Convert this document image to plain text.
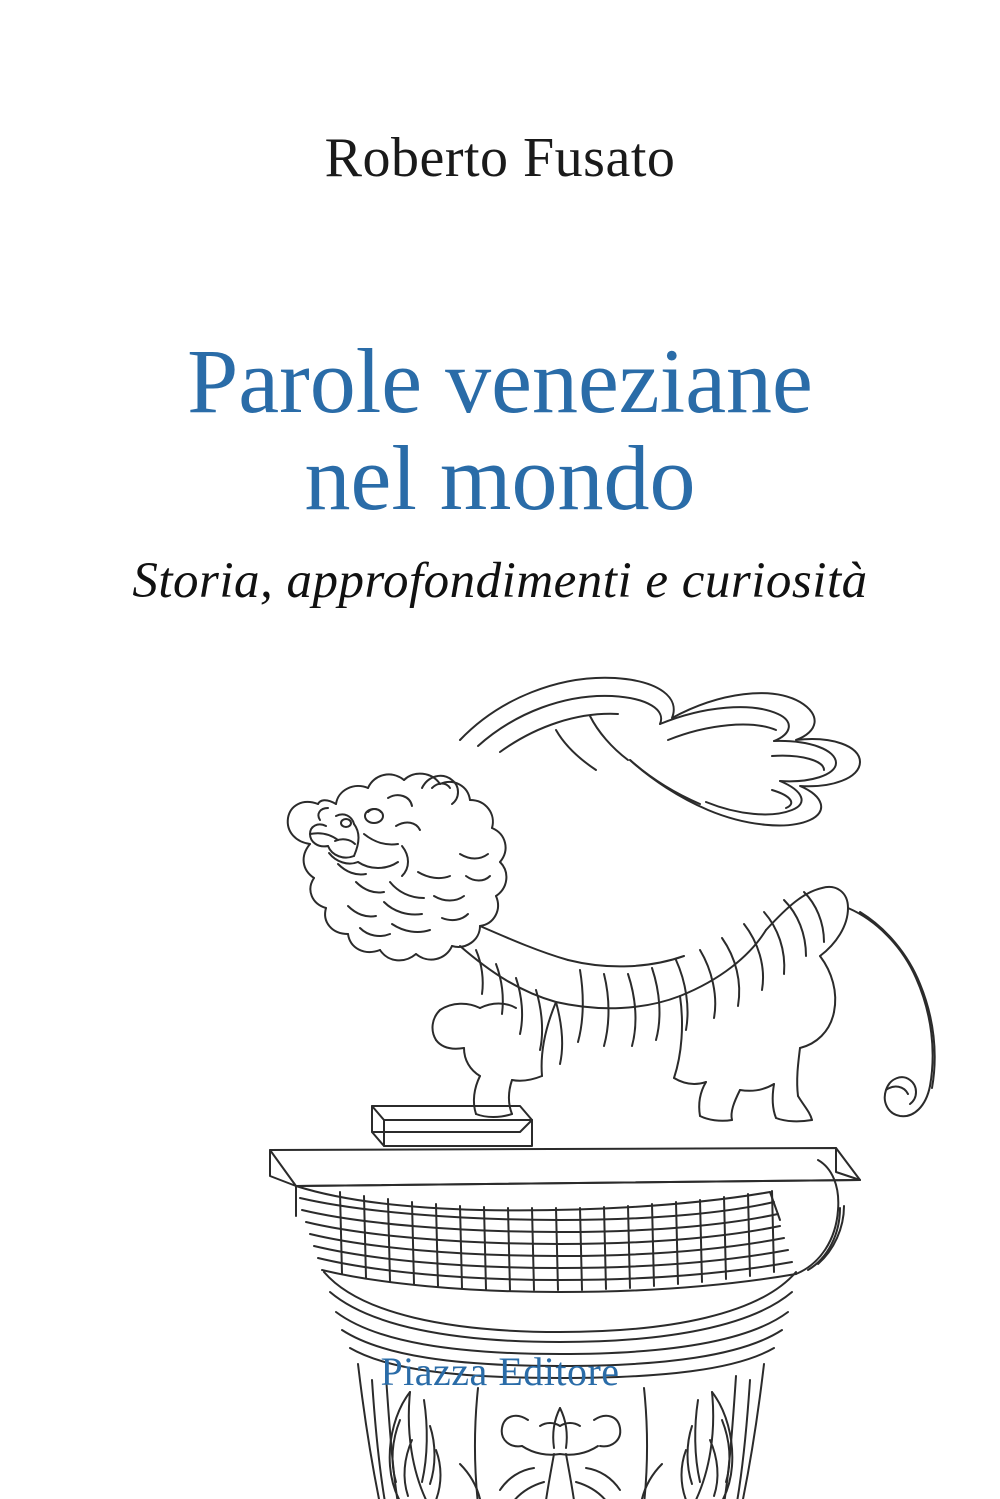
Roberto Fusato
Parole veneziane
nel mondo
Storia, approfondimenti e curiosità
Piazza Editore
